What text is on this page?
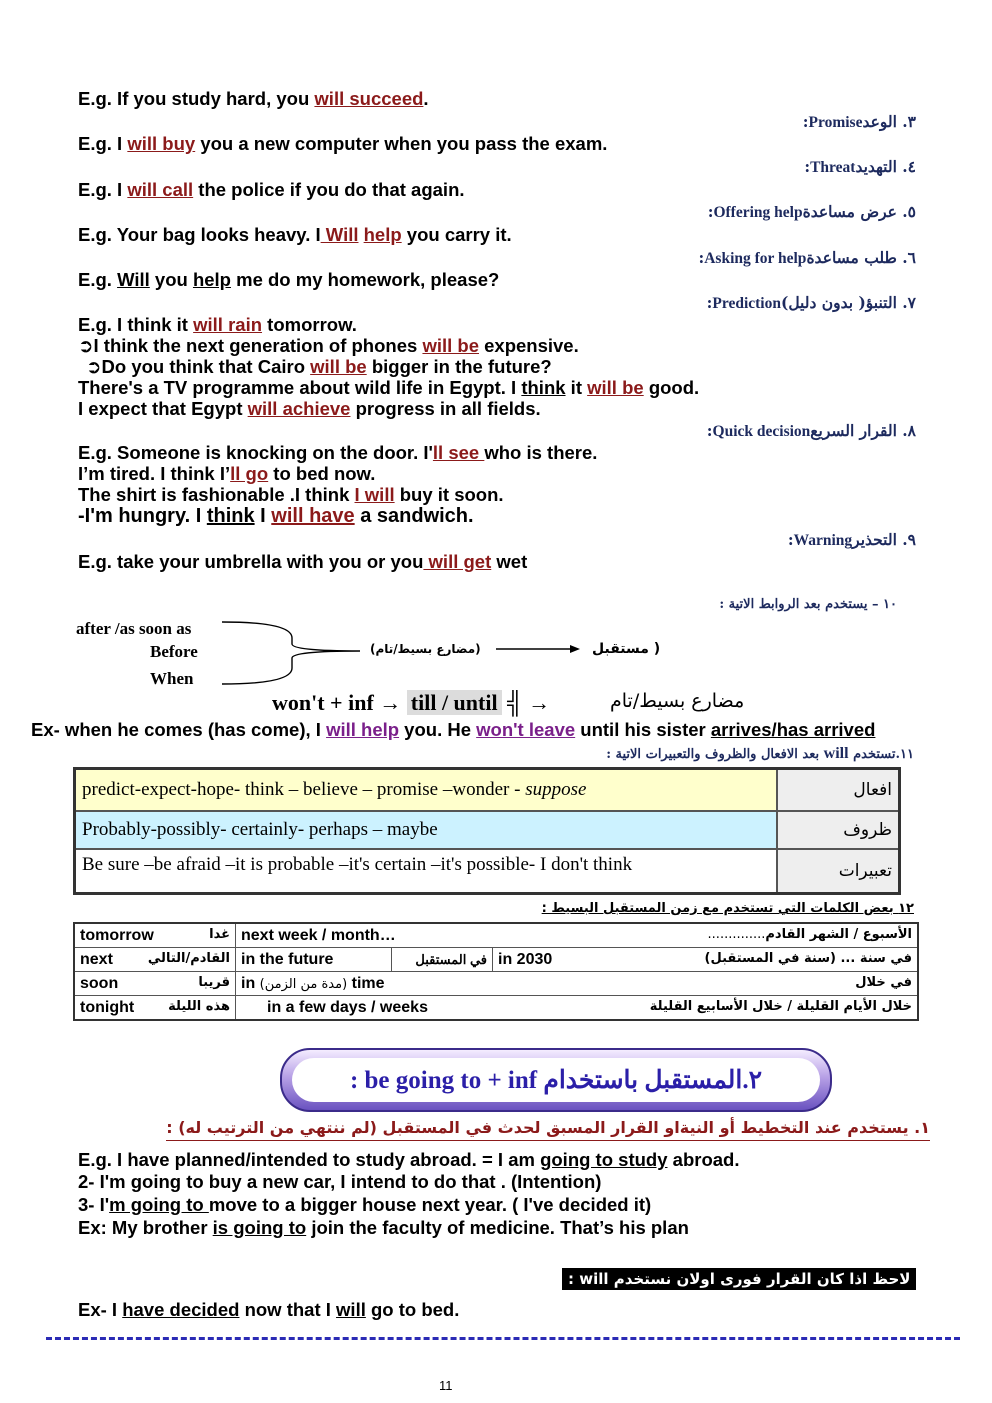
E.g. If you study hard, you will succeed.
٣. الوعدPromise:
E.g. I will buy you a new computer when you pass the exam.
٤. التهديدThreat:
E.g. I will call the police if you do that again.
٥. عرض مساعدةOffering help:
E.g. Your bag looks heavy. I Will help you carry it.
٦. طلب مساعدةAsking for help:
E.g. Will you help me do my homework, please?
٧. التنبؤ( بدون دليل)Prediction:
E.g. I think it will rain tomorrow.
➲I think the next generation of phones will be expensive.
➲Do you think that Cairo will be bigger in the future?
There's a TV programme about wild life in Egypt. I think it will be good.
I expect that Egypt will achieve progress in all fields.
٨. القرار السريعQuick decision:
E.g. Someone is knocking on the door. I'll see who is there.
I’m tired. I think I’ll go to bed now.
The shirt is fashionable .I think I will buy it soon.
-I'm hungry. I think I will have a sandwich.
٩. التحذيرWarning:
E.g. take your umbrella with you or you will get wet
١٠ – يستخدم بعد الروابط الاتية :
after /as soon as
Before
When
(مضارع بسيط/تام)	( مستقبل
won't + inf → till / until ╣ →	مضارع بسيط/تام
Ex- when he comes (has come), I will help you. He won't leave until his sister arrives/has arrived
١١.تستخدم will بعد الافعال والظروف والتعبيرات الاتية :
predict-expect-hope- think – believe – promise –wonder - suppose	افعال
Probably-possibly- certainly- perhaps – maybe	ظروف
Be sure –be afraid –it is probable –it's certain –it's possible- I don't think	تعبيرات
١٢ بعض الكلمات التي تستخدم مع زمن المستقبل البسيط :
tomorrow غدا	next week / month… الأسبوع / الشهر القادم..............		

next القادم/التالي	in the future	في المستقبل	in 2030 في سنة ... (سنة في المستقبل)

soon قريبا	in (مدة من الزمن) time في خلال		

tonight هذه الليلة	in a few days / weeks خلال الأيام القليلة / خلال الأسابيع القليلة		
٢.المستقبل باستخدام be going to + inf :
١. يستخدم عند التخطيط أو النيةاو القرار المسبق لحدث في المستقبل (لم ننتهي من الترتيب له) :
E.g. I have planned/intended to study abroad. = I am going to study abroad.
2- I'm going to buy a new car, I intend to do that . (Intention)
3- I'm going to move to a bigger house next year. ( I've decided it)
Ex: My brother is going to join the faculty of medicine. That’s his plan
لاحظ اذا كان القرار فورى اولان نستخدم will :
Ex- I have decided now that I will go to bed.
11
